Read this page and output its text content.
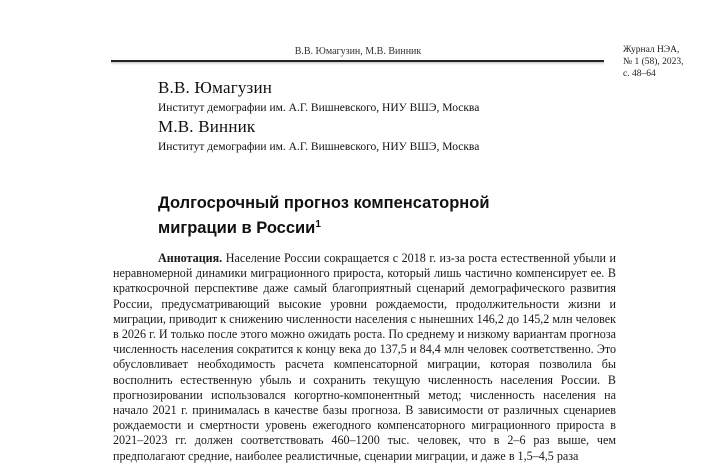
В.В. Юмагузин, М.В. Винник	Журнал НЭА,
№ 1 (58), 2023,
с. 48–64
В.В. Юмагузин
Институт демографии им. А.Г. Вишневского, НИУ ВШЭ, Москва
М.В. Винник
Институт демографии им. А.Г. Вишневского, НИУ ВШЭ, Москва
Долгосрочный прогноз компенсаторной
миграции в России$^1$
Аннотация. Население России сокращается с 2018 г. из-за роста естественной убыли и неравномерной динамики миграционного прироста, который лишь частично компенсирует ее. В краткосрочной перспективе даже самый благоприятный сценарий демографического развития России, предусматривающий высокие уровни рождаемости, продолжительности жизни и миграции, приводит к снижению численности населения с нынешних 146,2 до 145,2 млн человек в 2026 г. И только после этого можно ожидать роста. По среднему и низкому вариантам прогноза численность населения сократится к концу века до 137,5 и 84,4 млн человек соответственно. Это обусловливает необходимость расчета компенсаторной миграции, которая позволила бы восполнить естественную убыль и сохранить текущую численность населения России. В прогнозировании использовался когортно-компонентный метод; численность населения на начало 2021 г. принималась в качестве базы прогноза. В зависимости от различных сценариев рождаемости и смертности уровень ежегодного компенсаторного миграционного прироста в 2021–2023 гг. должен соответствовать 460–1200 тыс. человек, что в 2–6 раз выше, чем предполагают средние, наиболее реалистичные, сценарии миграции, и даже в 1,5–4,5 раза
